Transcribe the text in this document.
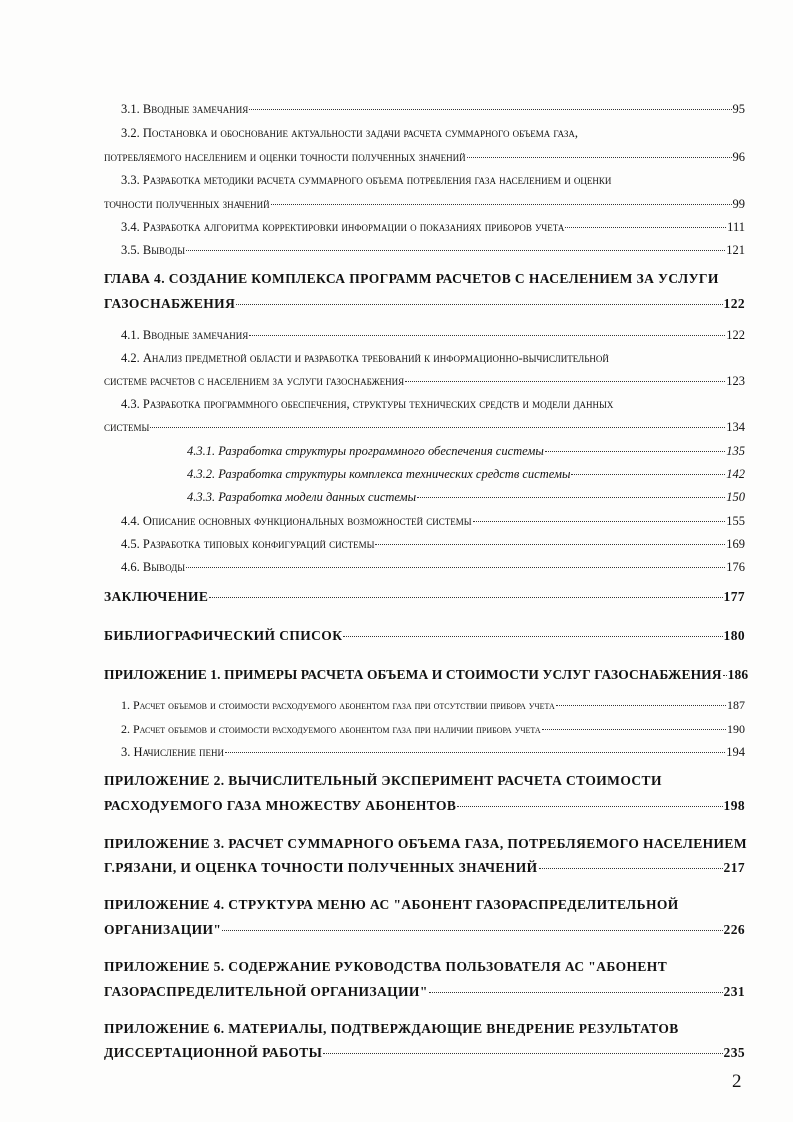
3.1. Вводные замечания	95
3.2. Постановка и обоснование актуальности задачи расчета суммарного объема газа,
потребляемого населением и оценки точности полученных значений	96
3.3. Разработка методики расчета суммарного объема потребления газа населением и оценки
точности полученных значений	99
3.4. Разработка алгоритма корректировки информации о показаниях приборов учета	111
3.5. Выводы	121
ГЛАВА 4. СОЗДАНИЕ КОМПЛЕКСА ПРОГРАММ РАСЧЕТОВ С НАСЕЛЕНИЕМ ЗА УСЛУГИ
ГАЗОСНАБЖЕНИЯ	122
4.1. Вводные замечания	122
4.2. Анализ предметной области и разработка требований к информационно-вычислительной
системе расчетов с населением за услуги газоснабжения	123
4.3. Разработка программного обеспечения, структуры технических средств и модели данных
системы	134
4.3.1. Разработка структуры программного обеспечения системы	135
4.3.2. Разработка структуры комплекса технических средств системы	142
4.3.3. Разработка модели данных системы	150
4.4. Описание основных функциональных возможностей системы	155
4.5. Разработка типовых конфигураций системы	169
4.6. Выводы	176
ЗАКЛЮЧЕНИЕ	177
БИБЛИОГРАФИЧЕСКИЙ СПИСОК	180
ПРИЛОЖЕНИЕ 1. ПРИМЕРЫ РАСЧЕТА ОБЪЕМА И СТОИМОСТИ УСЛУГ ГАЗОСНАБЖЕНИЯ 186
1. Расчет объемов и стоимости расходуемого абонентом газа при отсутствии прибора учета	187
2. Расчет объемов и стоимости расходуемого абонентом газа при наличии прибора учета	190
3. Начисление пени	194
ПРИЛОЖЕНИЕ 2. ВЫЧИСЛИТЕЛЬНЫЙ ЭКСПЕРИМЕНТ РАСЧЕТА СТОИМОСТИ
РАСХОДУЕМОГО ГАЗА МНОЖЕСТВУ АБОНЕНТОВ	198
ПРИЛОЖЕНИЕ 3. РАСЧЕТ СУММАРНОГО ОБЪЕМА ГАЗА, ПОТРЕБЛЯЕМОГО НАСЕЛЕНИЕМ
Г.РЯЗАНИ, И ОЦЕНКА ТОЧНОСТИ ПОЛУЧЕННЫХ ЗНАЧЕНИЙ	217
ПРИЛОЖЕНИЕ 4. СТРУКТУРА МЕНЮ АС "АБОНЕНТ ГАЗОРАСПРЕДЕЛИТЕЛЬНОЙ
ОРГАНИЗАЦИИ"	226
ПРИЛОЖЕНИЕ 5. СОДЕРЖАНИЕ РУКОВОДСТВА ПОЛЬЗОВАТЕЛЯ АС "АБОНЕНТ
ГАЗОРАСПРЕДЕЛИТЕЛЬНОЙ ОРГАНИЗАЦИИ"	231
ПРИЛОЖЕНИЕ 6. МАТЕРИАЛЫ, ПОДТВЕРЖДАЮЩИЕ ВНЕДРЕНИЕ РЕЗУЛЬТАТОВ
ДИССЕРТАЦИОННОЙ РАБОТЫ	235
2
